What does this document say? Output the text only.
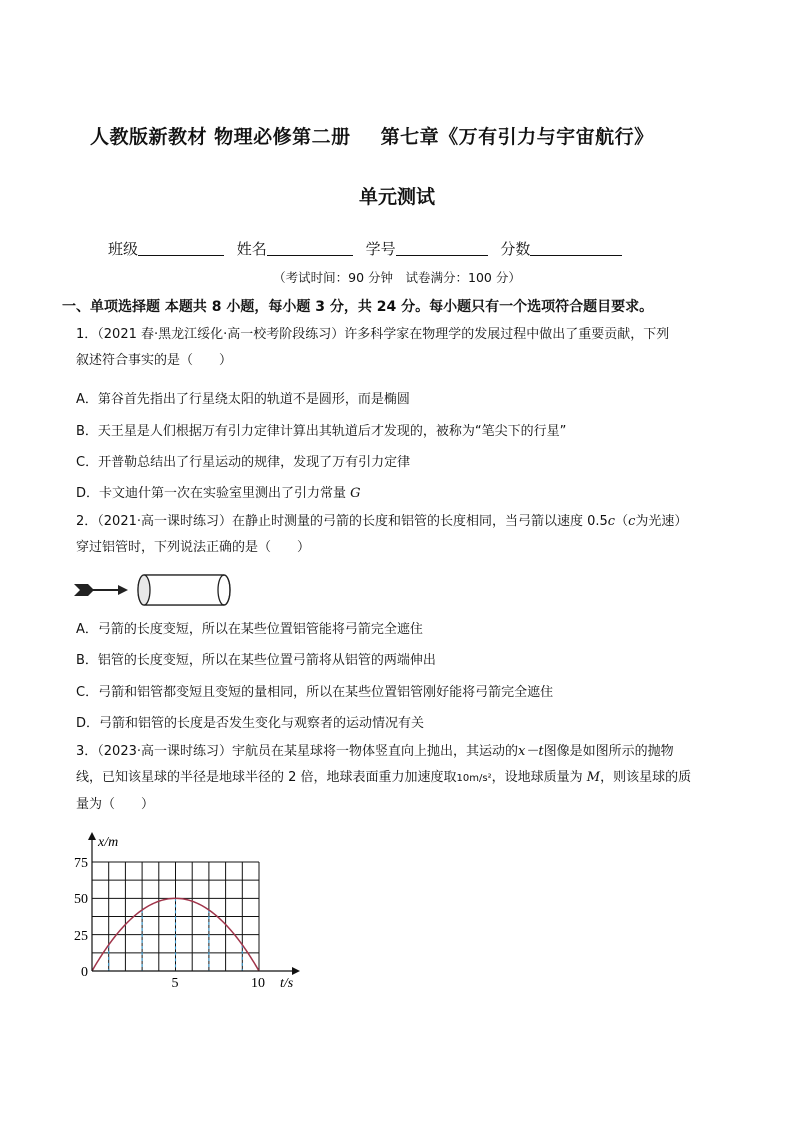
人教版新教材 物理必修第二册 第七章《万有引力与宇宙航行》
单元测试
班级	姓名	学号	分数
（考试时间：90 分钟　试卷满分：100 分）
一、单项选择题 本题共 8 小题，每小题 3 分，共 24 分。每小题只有一个选项符合题目要求。
1．（2021 春·黑龙江绥化·高一校考阶段练习）许多科学家在物理学的发展过程中做出了重要贡献，下列
叙述符合事实的是（　　）
A．第谷首先指出了行星绕太阳的轨道不是圆形，而是椭圆
B．天王星是人们根据万有引力定律计算出其轨道后才发现的，被称为“笔尖下的行星”
C．开普勒总结出了行星运动的规律，发现了万有引力定律
D．卡文迪什第一次在实验室里测出了引力常量 G
2．（2021·高一课时练习）在静止时测量的弓箭的长度和铝管的长度相同，当弓箭以速度 0.5c（c为光速）
穿过铝管时，下列说法正确的是（　　）
A．弓箭的长度变短，所以在某些位置铝管能将弓箭完全遮住
B．铝管的长度变短，所以在某些位置弓箭将从铝管的两端伸出
C．弓箭和铝管都变短且变短的量相同，所以在某些位置铝管刚好能将弓箭完全遮住
D．弓箭和铝管的长度是否发生变化与观察者的运动情况有关
3．（2023·高一课时练习）宇航员在某星球将一物体竖直向上抛出，其运动的x－t图像是如图所示的抛物
线，已知该星球的半径是地球半径的 2 倍，地球表面重力加速度取10m/s²，设地球质量为 M，则该星球的质
量为（　　）
x/m
t/s
0
25
50
75
5	10
